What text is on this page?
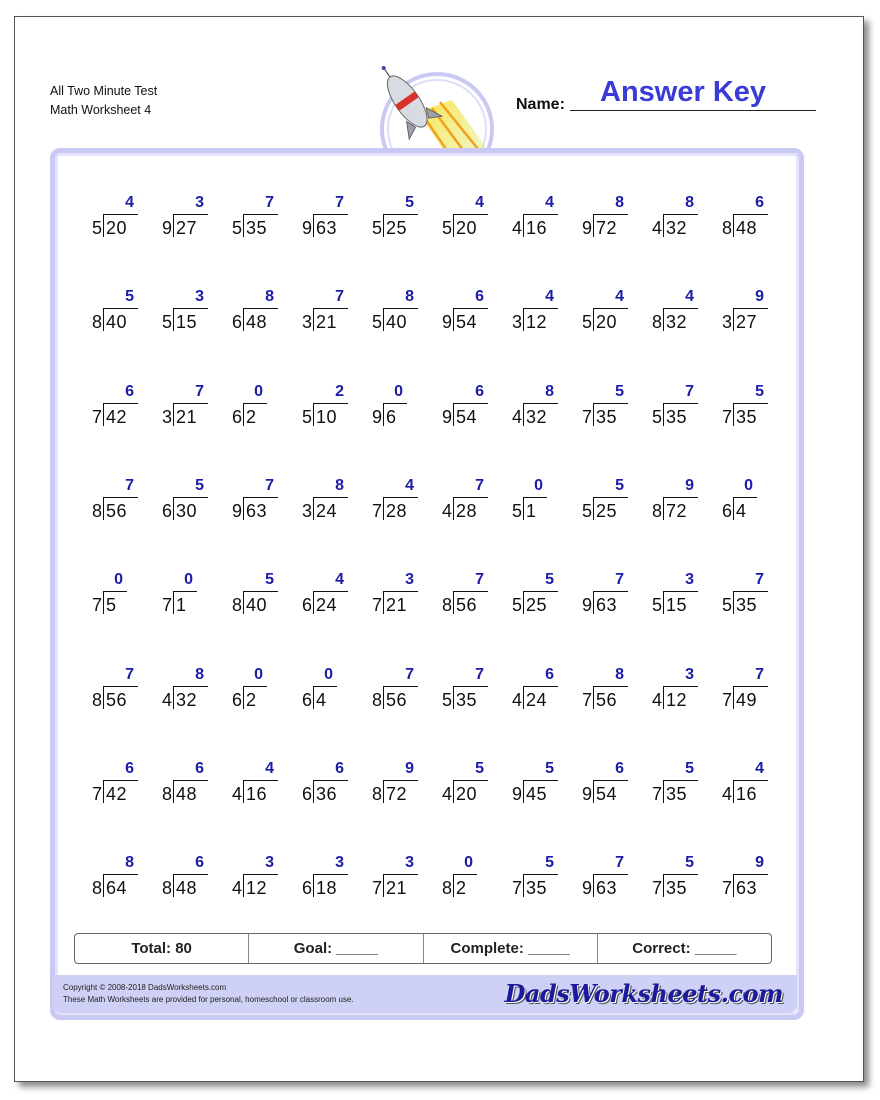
All Two Minute Test
Math Worksheet 4
Answer Key
Name:
5 20
4
9 27
3
5 35
7
9 63
7
5 25
5
5 20
4
4 16
4
9 72
8
4 32
8
8 48
6
8 40
5
5 15
3
6 48
8
3 21
7
5 40
8
9 54
6
3 12
4
5 20
4
8 32
4
3 27
9
7 42
6
3 21
7
6 2
0
5 10
2
9 6
0
9 54
6
4 32
8
7 35
5
5 35
7
7 35
5
8 56
7
6 30
5
9 63
7
3 24
8
7 28
4
4 28
7
5 1
0
5 25
5
8 72
9
6 4
0
7 5
0
7 1
0
8 40
5
6 24
4
7 21
3
8 56
7
5 25
5
9 63
7
5 15
3
5 35
7
8 56
7
4 32
8
6 2
0
6 4
0
8 56
7
5 35
7
4 24
6
7 56
8
4 12
3
7 49
7
7 42
6
8 48
6
4 16
4
6 36
6
8 72
9
4 20
5
9 45
5
9 54
6
7 35
5
4 16
4
8 64
8
8 48
6
4 12
3
6 18
3
7 21
3
8 2
0
7 35
5
9 63
7
7 35
5
7 63
9
Total: 80	Goal: _____	Complete: _____	Correct: _____
Copyright © 2008-2018 DadsWorksheets.com
These Math Worksheets are provided for personal, homeschool or classroom use.	DadsWorksheets.com
